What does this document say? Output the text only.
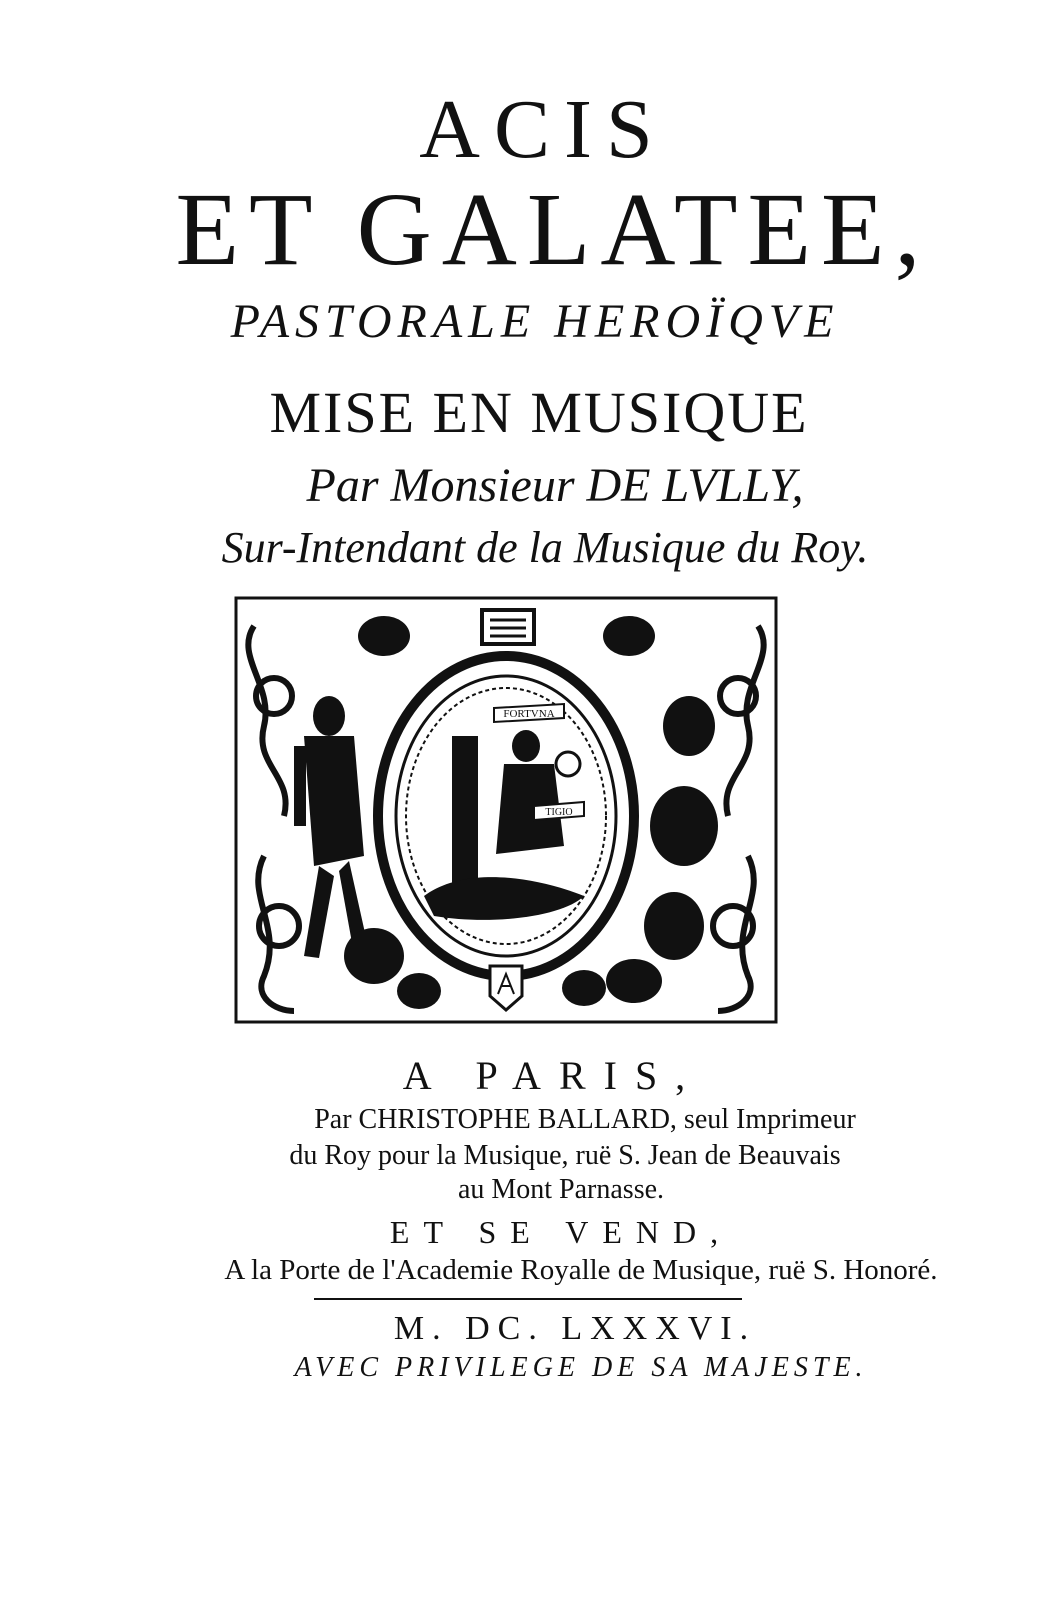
ACIS
ET GALATEE,
PASTORALE HEROÏQVE
MISE EN MUSIQUE
Par Monsieur DE LVLLY,
Sur-Intendant de la Musique du Roy.
FORTVNA
TIGIO
A PARIS,
Par CHRISTOPHE BALLARD, seul Imprimeur
du Roy pour la Musique, ruë S. Jean de Beauvais
au Mont Parnasse.
ET SE VEND,
A la Porte de l'Academie Royalle de Musique, ruë S. Honoré.
M. DC. LXXXVI.
AVEC PRIVILEGE DE SA MAJESTE.
